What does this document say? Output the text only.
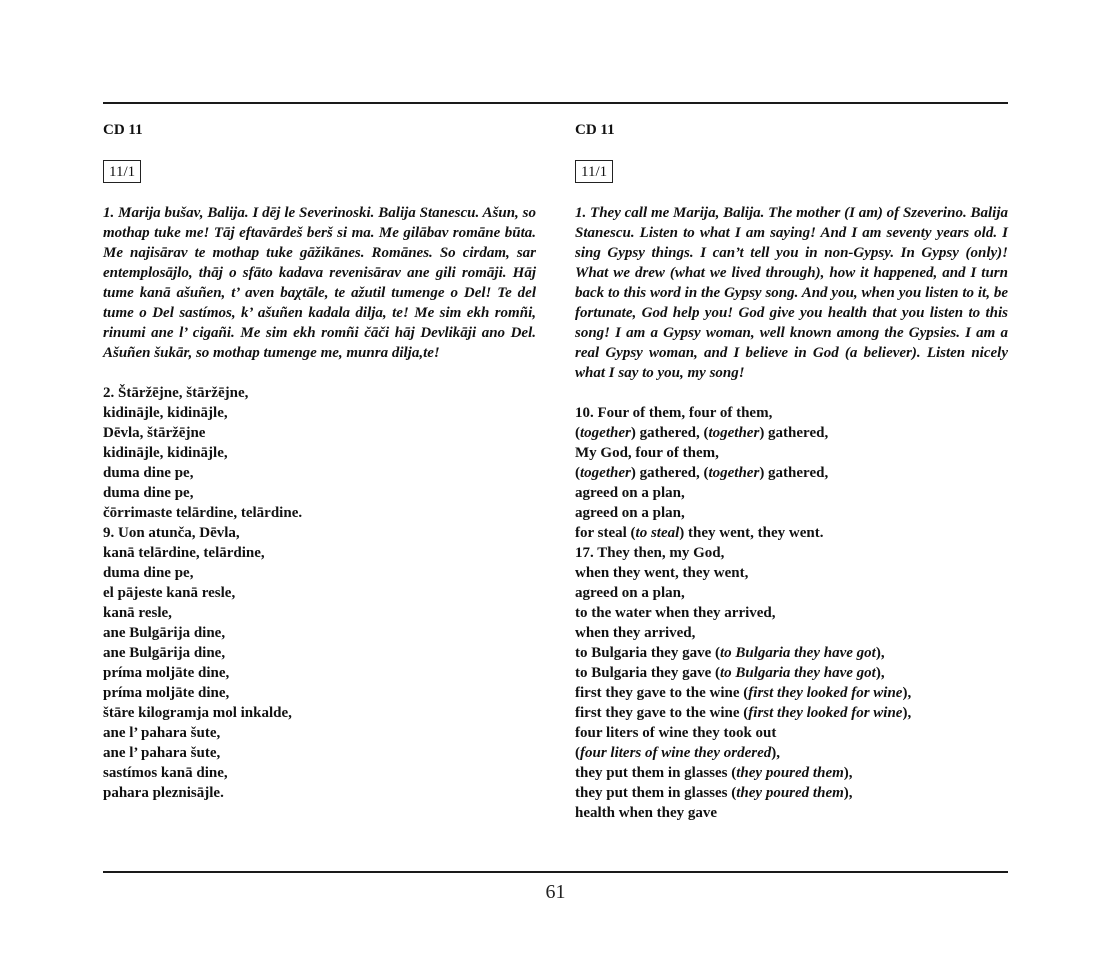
CD 11

11/1
1. Marija bušav, Balija. I dēj le Severinoski. Balija Stanescu. Ašun, so mothap tuke me! Tāj eftavārdeš berš si ma. Me gilābav romāne būta. Me najisārav te mothap tuke gāžikānes. Romānes. So cirdam, sar entemplosājlo, thāj o sfāto kadava revenisārav ane gili romāji. Hāj tume kanā ašuñen, t’ aven baχtāle, te ažutil tumenge o Del! Te del tume o Del sastímos, k’ ašuñen kadala dilja, te! Me sim ekh romñi, rinumi ane l’ cigañi. Me sim ekh romñi čāči hāj Devlikāji ano Del. Ašuñen šukār, so mothap tumenge me, munra dilja,te!
2. Štāržējne, štāržējne,
kidinājle, kidinājle,
Dēvla, štāržējne
kidinājle, kidinājle,
duma dine pe,
duma dine pe,
čōrrimaste telārdine, telārdine.
9. Uon atunča, Dēvla,
kanā telārdine, telārdine,
duma dine pe,
el pājeste kanā resle,
kanā resle,
ane Bulgārija dine,
ane Bulgārija dine,
príma moljāte dine,
príma moljāte dine,
štāre kilogramja mol inkalde,
ane l’ pahara šute,
ane l’ pahara šute,
sastímos kanā dine,
pahara pleznisājle.

CD 11

11/1
1. They call me Marija, Balija. The mother (I am) of Szeverino. Balija Stanescu. Listen to what I am saying! And I am seventy years old. I sing Gypsy things. I can’t tell you in non-Gypsy. In Gypsy (only)! What we drew (what we lived through), how it happened, and I turn back to this word in the Gypsy song. And you, when you listen to it, be fortunate, God help you! God give you health that you listen to this song! I am a Gypsy woman, well known among the Gypsies. I am a real Gypsy woman, and I believe in God (a believer). Listen nicely what I say to you, my song!
10. Four of them, four of them,
(together) gathered, (together) gathered,
My God, four of them,
(together) gathered, (together) gathered,
agreed on a plan,
agreed on a plan,
for steal (to steal) they went, they went.
17. They then, my God,
when they went, they went,
agreed on a plan,
to the water when they arrived,
when they arrived,
to Bulgaria they gave (to Bulgaria they have got),
to Bulgaria they gave (to Bulgaria they have got),
first they gave to the wine (first they looked for wine),
first they gave to the wine (first they looked for wine),
four liters of wine they took out
(four liters of wine they ordered),
they put them in glasses (they poured them),
they put them in glasses (they poured them),
health when they gave
61
